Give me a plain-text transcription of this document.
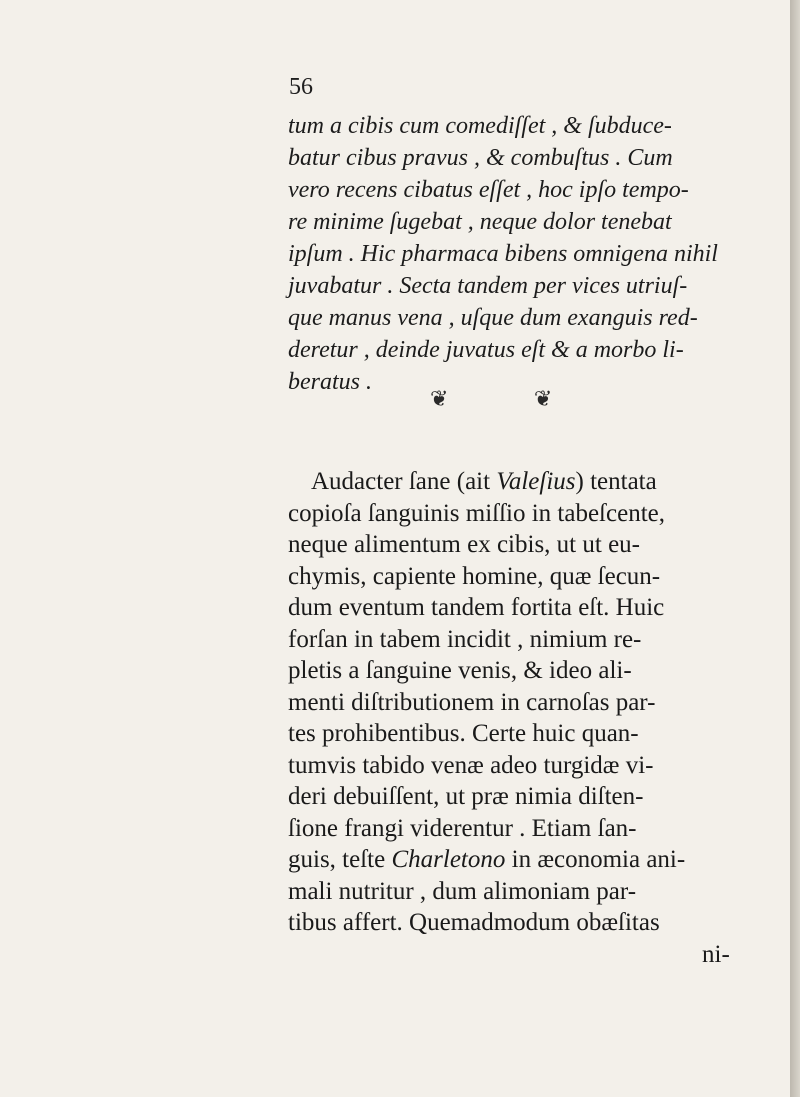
56
tum a cibis cum comediſſet , & ſubduce-
batur cibus pravus , & combuſtus . Cum
vero recens cibatus eſſet , hoc ipſo tempo-
re minime ſugebat , neque dolor tenebat
ipſum . Hic pharmaca bibens omnigena nihil
juvabatur . Secta tandem per vices utriuſ-
que manus vena , uſque dum exanguis red-
deretur , deinde juvatus eſt & a morbo li-
beratus .
❦ ❦
Audacter ſane (ait Valeſius) tentata
copioſa ſanguinis miſſio in tabeſcente,
neque alimentum ex cibis, ut ut eu-
chymis, capiente homine, quæ ſecun-
dum eventum tandem fortita eſt. Huic
forſan in tabem incidit , nimium re-
pletis a ſanguine venis, & ideo ali-
menti diſtributionem in carnoſas par-
tes prohibentibus. Certe huic quan-
tumvis tabido venæ adeo turgidæ vi-
deri debuiſſent, ut præ nimia diſten-
ſione frangi viderentur . Etiam ſan-
guis, teſte Charletono in æconomia ani-
mali nutritur , dum alimoniam par-
tibus affert. Quemadmodum obæſitas
ni-
